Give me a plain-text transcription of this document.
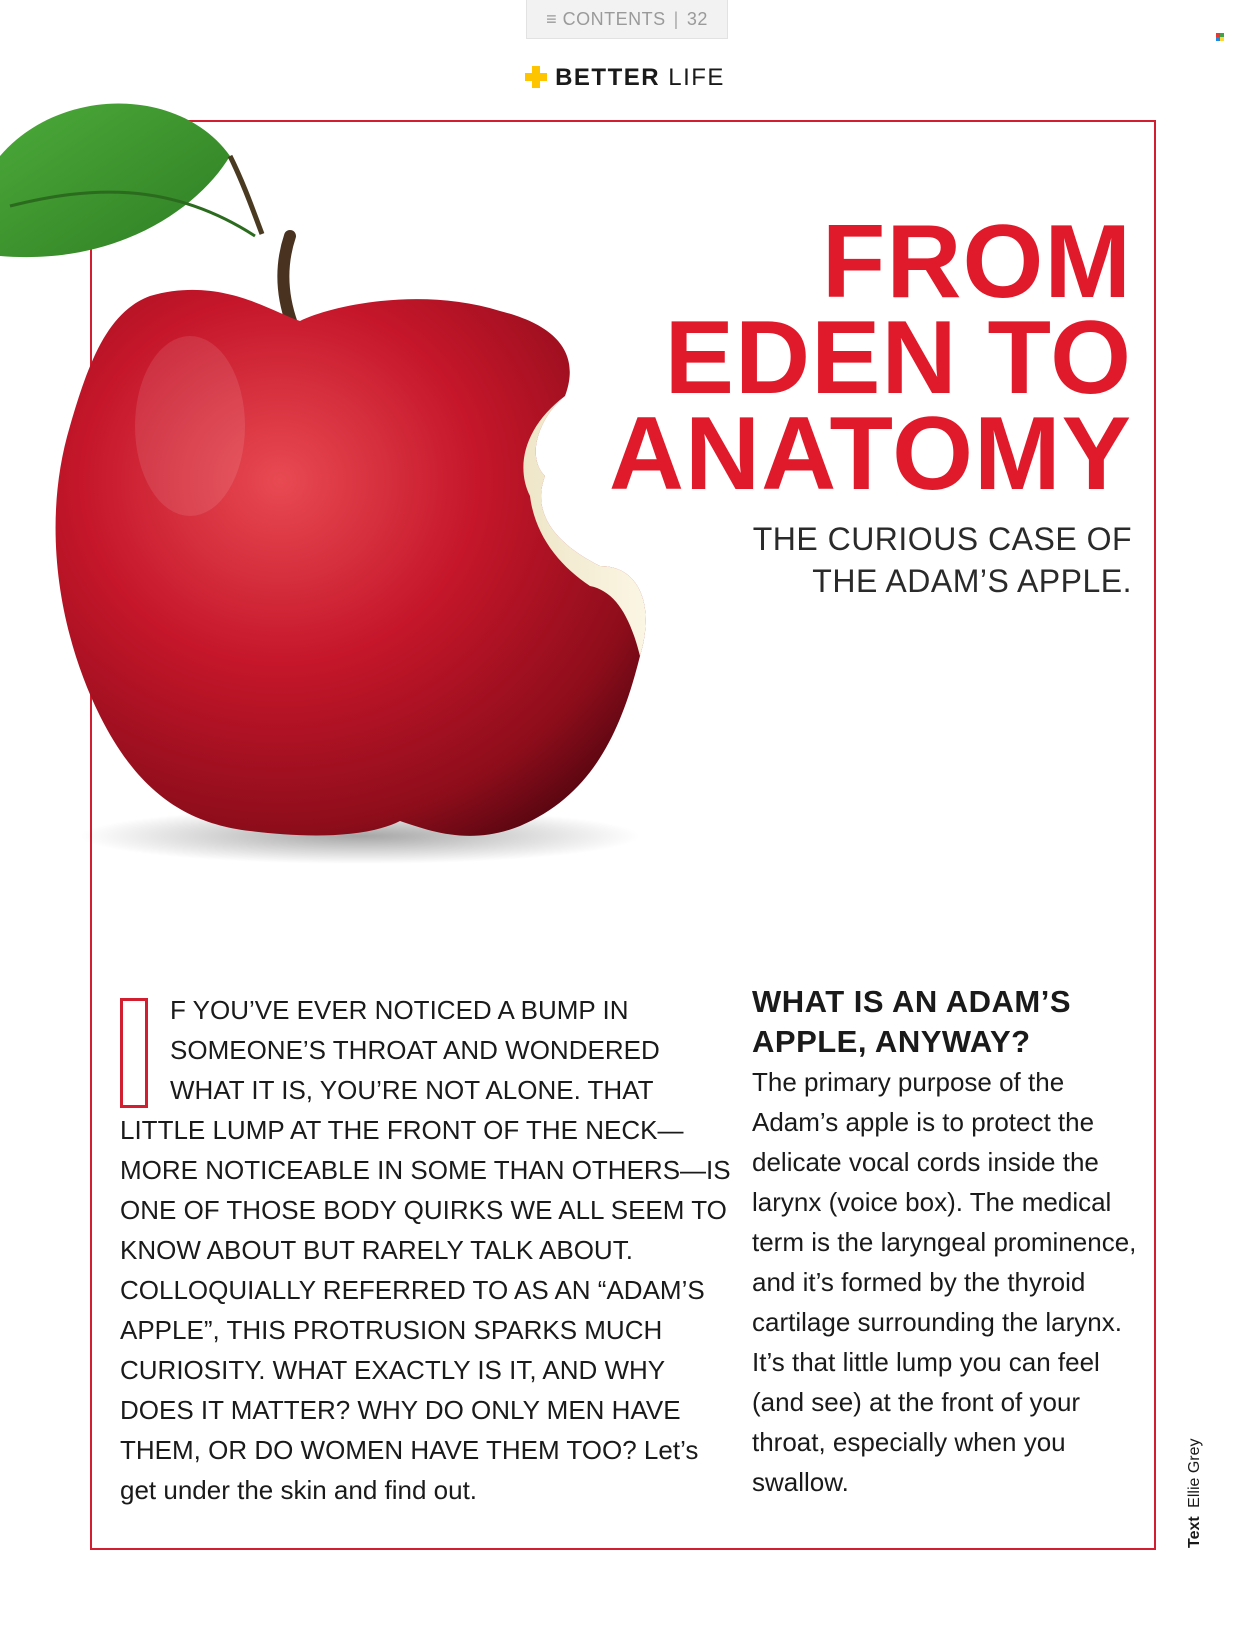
≡ CONTENTS | 32
BETTER LIFE
FROM
EDEN TO
ANATOMY
THE CURIOUS CASE OF
THE ADAM’S APPLE.
F YOU’VE EVER NOTICED A BUMP IN SOMEONE’S THROAT AND WONDERED WHAT IT IS, YOU’RE NOT ALONE. THAT LITTLE LUMP AT THE FRONT OF THE NECK—MORE NOTICEABLE IN SOME THAN OTHERS—IS ONE OF THOSE BODY QUIRKS WE ALL SEEM TO KNOW ABOUT BUT RARELY TALK ABOUT. COLLOQUIALLY REFERRED TO AS AN “ADAM’S APPLE”, THIS PROTRUSION SPARKS MUCH CURIOSITY. WHAT EXACTLY IS IT, AND WHY DOES IT MATTER? WHY DO ONLY MEN HAVE THEM, OR DO WOMEN HAVE THEM TOO? Let’s get under the skin and find out.
WHAT IS AN ADAM’S APPLE, ANYWAY?

The primary purpose of the Adam’s apple is to protect the delicate vocal cords inside the larynx (voice box). The medical term is the laryngeal prominence, and it’s formed by the thyroid cartilage surrounding the larynx. It’s that little lump you can feel (and see) at the front of your throat, especially when you swallow.

Text Ellie Grey
